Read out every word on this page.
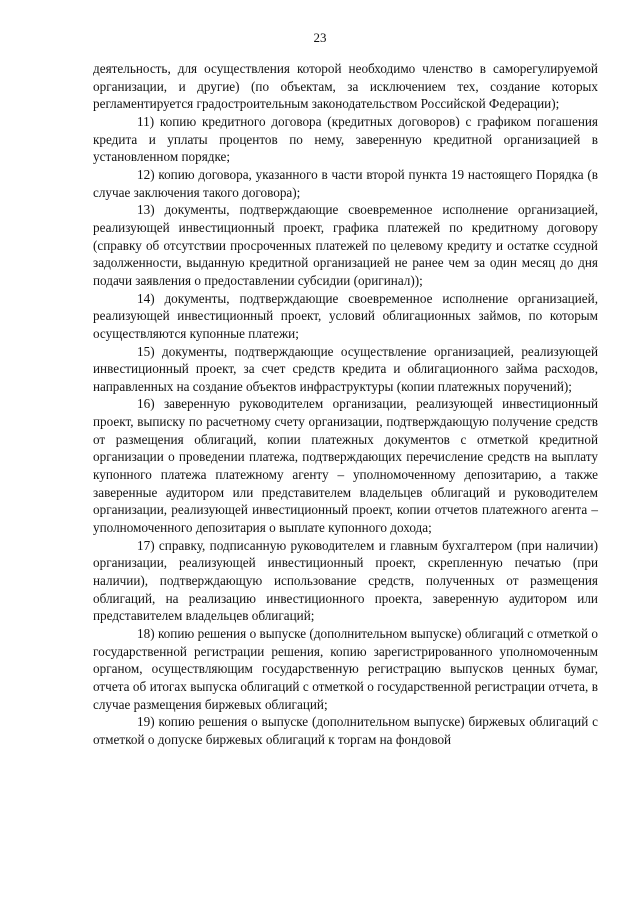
23

деятельность, для осуществления которой необходимо членство в саморегулируемой организации, и другие) (по объектам, за исключением тех, создание которых регламентируется градостроительным законодательством Российской Федерации);

11) копию кредитного договора (кредитных договоров) с графиком погашения кредита и уплаты процентов по нему, заверенную кредитной организацией в установленном порядке;

12) копию договора, указанного в части второй пункта 19 настоящего Порядка (в случае заключения такого договора);

13) документы, подтверждающие своевременное исполнение организацией, реализующей инвестиционный проект, графика платежей по кредитному договору (справку об отсутствии просроченных платежей по целевому кредиту и остатке ссудной задолженности, выданную кредитной организацией не ранее чем за один месяц до дня подачи заявления о предоставлении субсидии (оригинал));

14) документы, подтверждающие своевременное исполнение организацией, реализующей инвестиционный проект, условий облигационных займов, по которым осуществляются купонные платежи;

15) документы, подтверждающие осуществление организацией, реализующей инвестиционный проект, за счет средств кредита и облигационного займа расходов, направленных на создание объектов инфраструктуры (копии платежных поручений);

16) заверенную руководителем организации, реализующей инвестиционный проект, выписку по расчетному счету организации, подтверждающую получение средств от размещения облигаций, копии платежных документов с отметкой кредитной организации о проведении платежа, подтверждающих перечисление средств на выплату купонного платежа платежному агенту – уполномоченному депозитарию, а также заверенные аудитором или представителем владельцев облигаций и руководителем организации, реализующей инвестиционный проект, копии отчетов платежного агента – уполномоченного депозитария о выплате купонного дохода;

17) справку, подписанную руководителем и главным бухгалтером (при наличии) организации, реализующей инвестиционный проект, скрепленную печатью (при наличии), подтверждающую использование средств, полученных от размещения облигаций, на реализацию инвестиционного проекта, заверенную аудитором или представителем владельцев облигаций;

18) копию решения о выпуске (дополнительном выпуске) облигаций с отметкой о государственной регистрации решения, копию зарегистрированного уполномоченным органом, осуществляющим государственную регистрацию выпусков ценных бумаг, отчета об итогах выпуска облигаций с отметкой о государственной регистрации отчета, в случае размещения биржевых облигаций;

19) копию решения о выпуске (дополнительном выпуске) биржевых облигаций с отметкой о допуске биржевых облигаций к торгам на фондовой
